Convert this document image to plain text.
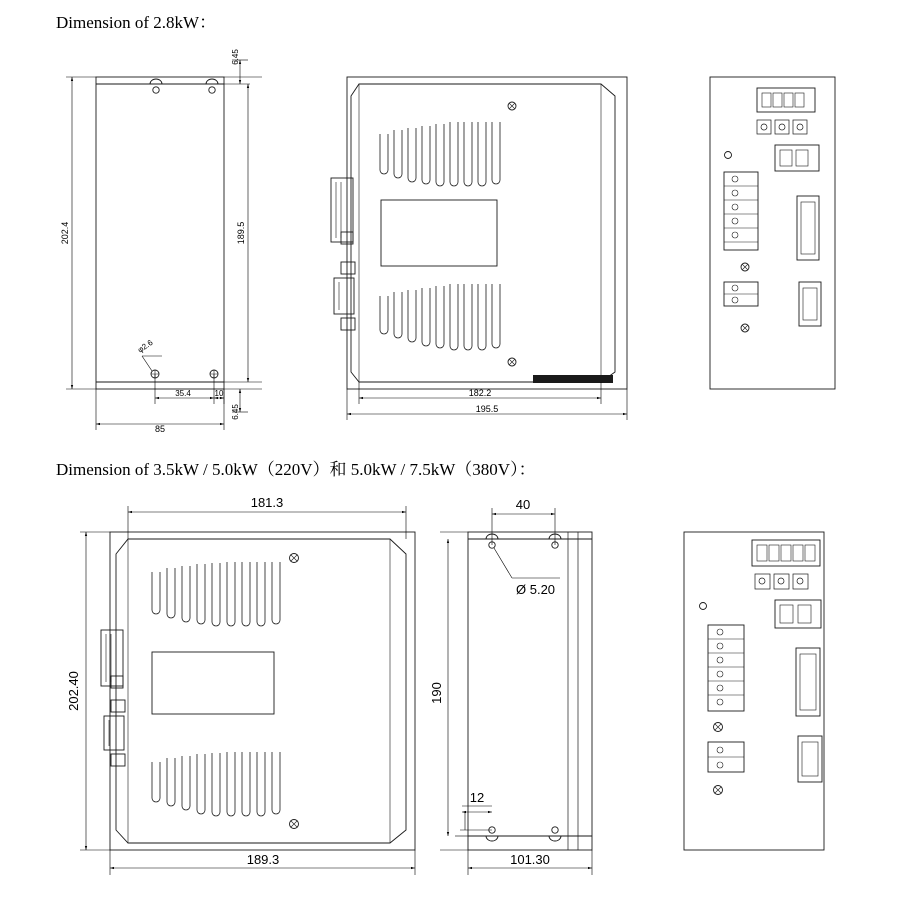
Dimension of 2.8kW：
Dimension of 3.5kW / 5.0kW（220V）和 5.0kW / 7.5kW（380V）：
202.4	189.5
6.45
6.45
85
35.4	10
φ2.6
182.2
195.5
181.3
202.40
189.3
40
Ø 5.20
190
12
101.30
